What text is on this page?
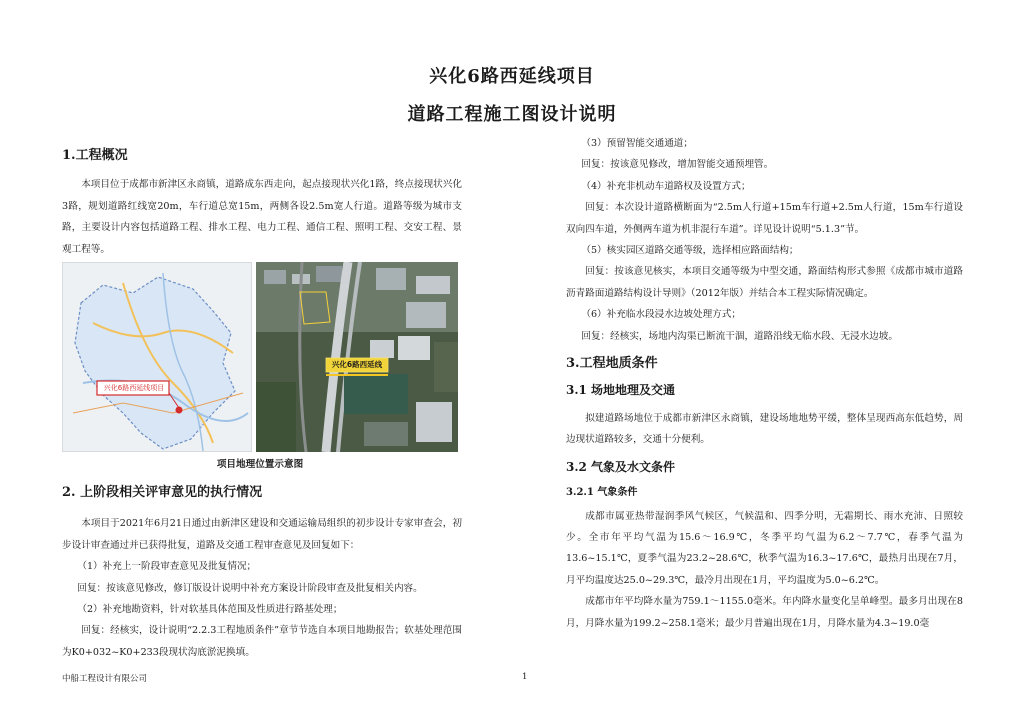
兴化6路西延线项目
道路工程施工图设计说明
1.工程概况

本项目位于成都市新津区永商镇，道路成东西走向，起点接现状兴化1路，终点接现状兴化3路，规划道路红线宽20m，车行道总宽15m，两侧各设2.5m宽人行道。道路等级为城市支路，主要设计内容包括道路工程、排水工程、电力工程、通信工程、照明工程、交安工程、景观工程等。

兴化6路西延线项目
兴化6路西延线
项目地理位置示意图
2. 上阶段相关评审意见的执行情况

本项目于2021年6月21日通过由新津区建设和交通运输局组织的初步设计专家审查会，初步设计审查通过并已获得批复，道路及交通工程审查意见及回复如下：

（1）补充上一阶段审查意见及批复情况；

回复：按该意见修改，修订版设计说明中补充方案设计阶段审查及批复相关内容。

（2）补充地勘资料，针对软基具体范围及性质进行路基处理；

回复：经核实，设计说明“2.2.3工程地质条件”章节节选自本项目地勘报告；软基处理范围为K0+032~K0+233段现状沟底淤泥换填。

（3）预留智能交通通道；

回复：按该意见修改，增加智能交通预埋管。

（4）补充非机动车道路权及设置方式；

回复：本次设计道路横断面为“2.5m人行道+15m车行道+2.5m人行道，15m车行道设双向四车道，外侧两车道为机非混行车道”。详见设计说明“5.1.3”节。

（5）核实园区道路交通等级，选择相应路面结构；

回复：按该意见核实，本项目交通等级为中型交通，路面结构形式参照《成都市城市道路沥青路面道路结构设计导则》（2012年版）并结合本工程实际情况确定。

（6）补充临水段浸水边坡处理方式；

回复：经核实，场地内沟渠已断流干涸，道路沿线无临水段、无浸水边坡。

3.工程地质条件
3.1 场地地理及交通

拟建道路场地位于成都市新津区永商镇，建设场地地势平缓，整体呈现西高东低趋势，周边现状道路较多，交通十分便利。

3.2 气象及水文条件
3.2.1 气象条件

成都市属亚热带湿润季风气候区，气候温和、四季分明，无霜期长、雨水充沛、日照较少。全市年平均气温为15.6～16.9℃，冬季平均气温为6.2～7.7℃，春季气温为13.6~15.1℃，夏季气温为23.2~28.6℃，秋季气温为16.3~17.6℃，最热月出现在7月，月平均温度达25.0~29.3℃，最冷月出现在1月，平均温度为5.0~6.2℃。

成都市年平均降水量为759.1～1155.0毫米。年内降水量变化呈单峰型。最多月出现在8月，月降水量为199.2~258.1毫米；最少月普遍出现在1月，月降水量为4.3~19.0毫

中船工程设计有限公司	1
